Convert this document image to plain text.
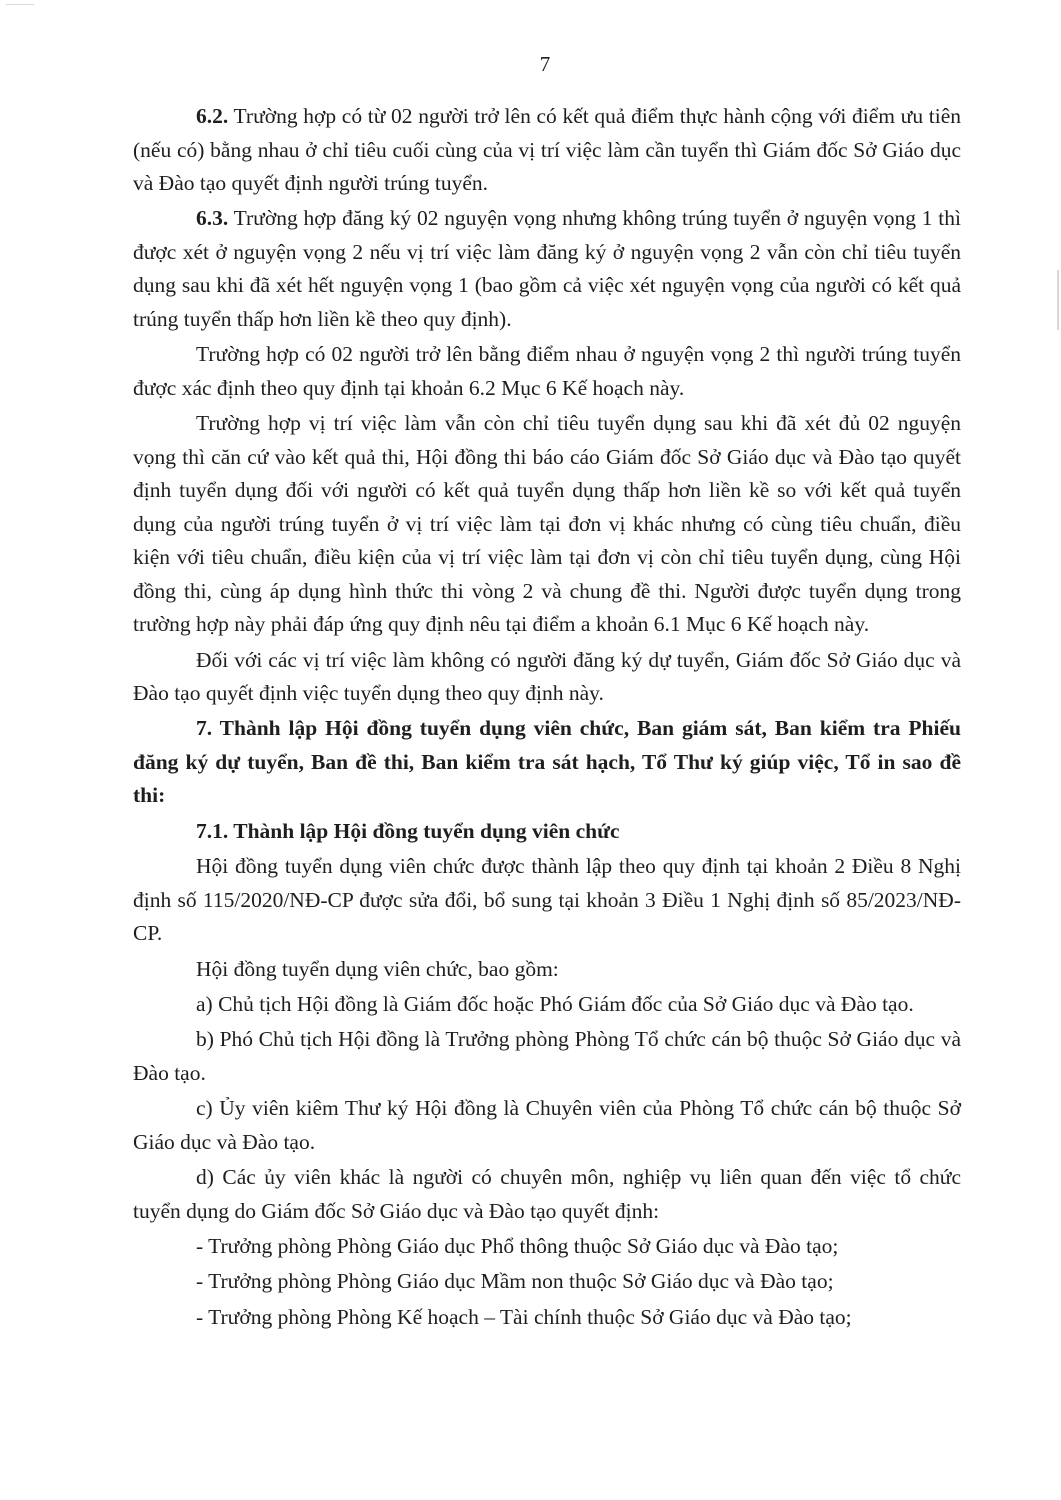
7

6.2. Trường hợp có từ 02 người trở lên có kết quả điểm thực hành cộng với điểm ưu tiên (nếu có) bằng nhau ở chỉ tiêu cuối cùng của vị trí việc làm cần tuyển thì Giám đốc Sở Giáo dục và Đào tạo quyết định người trúng tuyển.

6.3. Trường hợp đăng ký 02 nguyện vọng nhưng không trúng tuyển ở nguyện vọng 1 thì được xét ở nguyện vọng 2 nếu vị trí việc làm đăng ký ở nguyện vọng 2 vẫn còn chỉ tiêu tuyển dụng sau khi đã xét hết nguyện vọng 1 (bao gồm cả việc xét nguyện vọng của người có kết quả trúng tuyển thấp hơn liền kề theo quy định).

Trường hợp có 02 người trở lên bằng điểm nhau ở nguyện vọng 2 thì người trúng tuyển được xác định theo quy định tại khoản 6.2 Mục 6 Kế hoạch này.

Trường hợp vị trí việc làm vẫn còn chỉ tiêu tuyển dụng sau khi đã xét đủ 02 nguyện vọng thì căn cứ vào kết quả thi, Hội đồng thi báo cáo Giám đốc Sở Giáo dục và Đào tạo quyết định tuyển dụng đối với người có kết quả tuyển dụng thấp hơn liền kề so với kết quả tuyển dụng của người trúng tuyển ở vị trí việc làm tại đơn vị khác nhưng có cùng tiêu chuẩn, điều kiện với tiêu chuẩn, điều kiện của vị trí việc làm tại đơn vị còn chỉ tiêu tuyển dụng, cùng Hội đồng thi, cùng áp dụng hình thức thi vòng 2 và chung đề thi. Người được tuyển dụng trong trường hợp này phải đáp ứng quy định nêu tại điểm a khoản 6.1 Mục 6 Kế hoạch này.

Đối với các vị trí việc làm không có người đăng ký dự tuyển, Giám đốc Sở Giáo dục và Đào tạo quyết định việc tuyển dụng theo quy định này.

7. Thành lập Hội đồng tuyển dụng viên chức, Ban giám sát, Ban kiểm tra Phiếu đăng ký dự tuyển, Ban đề thi, Ban kiểm tra sát hạch, Tổ Thư ký giúp việc, Tổ in sao đề thi:

7.1. Thành lập Hội đồng tuyển dụng viên chức

Hội đồng tuyển dụng viên chức được thành lập theo quy định tại khoản 2 Điều 8 Nghị định số 115/2020/NĐ-CP được sửa đổi, bổ sung tại khoản 3 Điều 1 Nghị định số 85/2023/NĐ-CP.

Hội đồng tuyển dụng viên chức, bao gồm:

a) Chủ tịch Hội đồng là Giám đốc hoặc Phó Giám đốc của Sở Giáo dục và Đào tạo.

b) Phó Chủ tịch Hội đồng là Trưởng phòng Phòng Tổ chức cán bộ thuộc Sở Giáo dục và Đào tạo.

c) Ủy viên kiêm Thư ký Hội đồng là Chuyên viên của Phòng Tổ chức cán bộ thuộc Sở Giáo dục và Đào tạo.

d) Các ủy viên khác là người có chuyên môn, nghiệp vụ liên quan đến việc tổ chức tuyển dụng do Giám đốc Sở Giáo dục và Đào tạo quyết định:

- Trưởng phòng Phòng Giáo dục Phổ thông thuộc Sở Giáo dục và Đào tạo;

- Trưởng phòng Phòng Giáo dục Mầm non thuộc Sở Giáo dục và Đào tạo;

- Trưởng phòng Phòng Kế hoạch – Tài chính thuộc Sở Giáo dục và Đào tạo;
